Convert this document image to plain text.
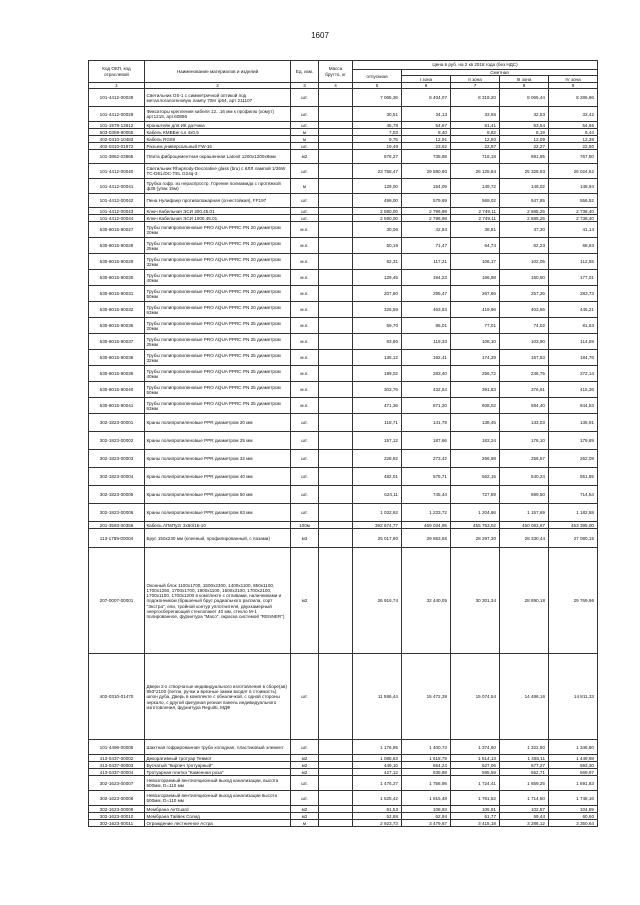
1607
Код ОКП, код отраслевой	Наименование материалов и изделий	Ед. изм.	Масса брутто, кг	Цена в руб. на 2 кв 2018 года (без НДС)				
				отпускная	Сметная			
					I зона	II зона	III зона	IV зона
1	2	3	4	5	6	7	8	9
101-4412-00028	Светильник OS-1 с симметричной оптикой под металлогалогеновую лампу 70вт ip54, арт 211107	шт.		7 065,36	8 404,07	8 319,20	8 065,44	8 286,96
101-4412-00029	Фиксаторы крепления кабеля 12...16 мм к профилю (хомут) арт1218, арт.60896	шт.		30,51	34,13	33,55	32,53	33,42
101-1978-13612	Кронштейн для ИК датчика	шт.		45,78	54,67	51,41	53,54	54,66
503-0359-90055	Кабель КМВВнг-Ls 4х0,5	м		7,03	8,40	8,82	8,19	8,44
402-0310-10483	Кабель RG59	м		9,75	12,91	12,50	12,09	12,36
402-0310-01972	Разъем универсальный FW-16	шт.		19,49	23,62	22,97	22,27	22,50
101-3862-03865	Плита фиброцементная окрашенная Latonit 1200х1200х8мм	м2		576,27	735,98	719,18	691,95	767,80
101-4412-00040	Светильник Rhapsody-Decorative glass (bru) с КЛЛ лампой 1/26W TC-DEL/DC-TEL G24q-3	шт.		23 758,47	29 580,80	26 125,84	25 328,93	26 024,62
101-4412-00041	Трубка гофр. из нераспростр. Горения полиамида с протяжкой ф38 (упак 15м)	м		129,00	154,09	149,72	148,02	148,94
101-4412-00042	Пена Нулифаер противопожарная (огнестойкая), FF197	шт.		499,00	579,69	569,02	547,85	556,52
101-4412-00043	Ключ Кабельная ЭСИ 300.45.01	шт.		2 580,00	2 796,98	2 749,11	2 685,25	2 738,40
101-4412-00044	Ключ Кабельная ЭСИ 1000.45.01	шт.		2 590,00	2 796,98	2 749,11	2 685,25	2 738,40
530-8015-90027	Трубы полипропиленовые PRO AQUA PPRC PN 20 диаметром 20мм	м.п.		30,06	42,84	38,81	37,30	41,14
530-8015-90028	Трубы полипропиленовые PRO AQUA PPRC PN 20 диаметром 25мм	м.п.		50,19	71,47	64,74	62,23	68,63
530-8015-90029	Трубы полипропиленовые PRO AQUA PPRC PN 20 диаметром 32мм	м.п.		82,31	117,21	106,17	102,05	112,55
530-8015-90030	Трубы полипропиленовые PRO AQUA PPRC PN 20 диаметром 40мм	м.п.		129,45	184,23	166,98	160,50	177,01
530-8015-90031	Трубы полипропиленовые PRO AQUA PPRC PN 20 диаметром 50мм	м.п.		207,50	295,47	267,66	257,26	283,73
530-8015-90032	Трубы полипропиленовые PRO AQUA PPRC PN 20 диаметром 63мм	м.п.		325,59	463,63	419,96	403,66	445,21
530-8015-90036	Трубы полипропиленовые PRO AQUA PPRC PN 25 диаметром 20мм	м.п.		59,70	85,01	77,01	74,02	81,63
530-8015-90037	Трубы полипропиленовые PRO AQUA PPRC PN 25 диаметром 25мм	м.п.		83,80	119,33	108,10	103,90	114,59
530-8015-90038	Трубы полипропиленовые PRO AQUA PPRC PN 25 диаметром 32мм	м.п.		135,12	192,41	174,29	167,53	184,76
530-8015-90039	Трубы полипропиленовые PRO AQUA PPRC PN 25 диаметром 40мм	м.п.		199,02	283,40	256,72	246,75	272,14
530-8015-90040	Трубы полипропиленовые PRO AQUA PPRC PN 25 диаметром 50мм	м.п.		303,76	432,54	391,83	376,61	415,36
530-8015-90041	Трубы полипропиленовые PRO AQUA PPRC PN 25 диаметром 63мм	м.п.		471,36	671,20	608,02	584,40	644,53
302-1823-00001	Краны полипропиленовые PPR диаметром 20 мм	шт.		118,71	141,79	138,45	133,03	135,91
302-1823-00002	Краны полипропиленовые PPR диаметром 25 мм	шт.		157,12	187,66	183,24	176,10	179,89
302-1823-00003	Краны полипропиленовые PPR диаметром 32 мм	шт.		228,92	273,42	266,98	256,57	262,09
302-1823-00004	Краны полипропиленовые PPR диаметром 40 мм	шт.		482,01	575,71	562,15	540,24	551,85
302-1823-00005	Краны полипропиленовые PPR диаметром 50 мм	шт.		624,11	745,44	727,89	699,50	714,54
302-1823-00006	Краны полипропиленовые PPR диаметром 63 мм	шт.		1 032,92	1 233,72	1 204,66	1 157,69	1 182,58
201-3593-00356	Кабель АПвПу2г 3х50/16-10	100м		392 674,77	469 034,95	455 753,02	450 083,67	453 395,00
113-1789-00004	Брус 150х230 мм (клееный, профилированный, с пазами)	м3		25 017,60	29 883,55	28 297,30	28 330,44	27 080,15
207-0007-00001	Оконный блок 1100х1700, 1500х2300, 1400х1100, 850х1100, 1700х1250, 1700х1700, 1900х1100, 1600х3100, 1700х2100, 1700х1100, 1700х1200 в комплекте с отливами, наличниками и подоконником (брашеный брус радиального распила, сорт "Экстра", ели, тройной контур уплотнителя, двухкамерный энергосберегающий стеклопакет 40 мм, стекло М-1 полированное, фурнитура "Maco", окраска системой "RENNER")	м2		26 916,74	32 440,05	30 301,34	28 890,18	29 769,96
402-0310-01470	Двери 2-х створчатые индивидуального изготовления в сборе(ав) 850*2100 (петли, ручки и врезные замки входят в стоимость) шпон дуба. Дверь в комплекте с обналичкой, с одной стороны зеркало, с другой фигурная резная панель индивидуального изготовления, фурнитура Reguitti, МДФ	шт.		11 586,44	15 472,39	15 074,54	14 486,16	14 811,33
101-4496-00005	Шахтная гофрированная труба холодная, пластиковый элемент	шт.		1 176,95	1 400,73	1 374,60	1 322,60	1 346,80
413-0437-00002	Декоративный тротуар Тевмот	м2		1 085,63	1 618,79	1 514,13	1 465,11	1 449,98
413-0437-00003	Бусчатый "Кирпич тротуарный"	м2		449,10	664,24	627,06	577,27	593,30
413-0437-00004	Тротуарная плитка "Каменная роза"	м2		427,12	635,98	595,59	552,71	569,97
302-1623-00007	Невозгораемый вентиляционный выход канализации, высота 500мм, D=110 мм	шт.		1 476,27	1 756,98	1 724,41	1 659,25	1 691,83
302-1623-00008	Невозгораемый вентиляционный выход канализации высота 500мм, D=110 мм	шт.		1 525,42	1 815,48	1 781,52	1 714,50	1 748,16
302-1623-00009	Мембрана AirGuard	м2		91,53	108,93	106,91	102,87	104,89
302-1623-00010	Мембрана Тайвек Солид	м2		52,88	62,94	61,77	59,44	60,60
302-1623-00011	Ограждение лестничное Астра	м		2 923,73	3 479,67	3 415,18	3 286,12	3 350,64
